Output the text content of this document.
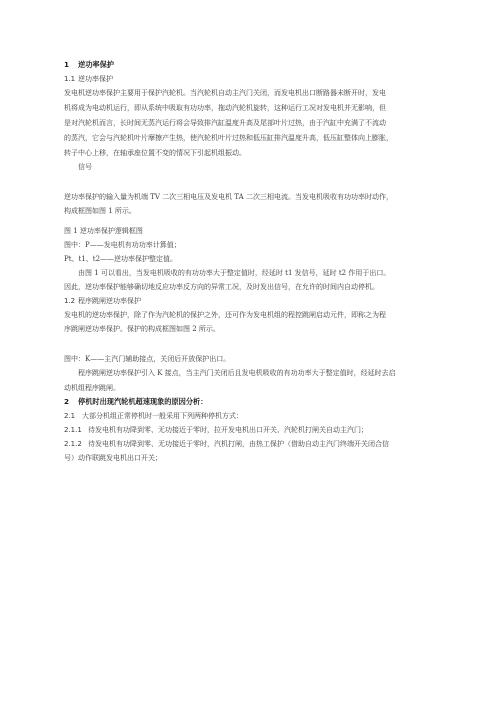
1 逆功率保护
1.1 逆功率保护
发电机逆功率保护主要用于保护汽轮机。当汽轮机自动主汽门关闭，而发电机出口断路器未断开时，发电
机将成为电动机运行，即从系统中吸取有功功率，拖动汽轮机旋转，这种运行工况对发电机并无影响，但
是对汽轮机而言，长时间无蒸汽运行将会导致排汽缸温度升高及尾部叶片过热，由于汽缸中充满了不流动
的蒸汽，它会与汽轮机叶片摩擦产生热，使汽轮机叶片过热和低压缸排汽温度升高，低压缸整体向上膨胀，
转子中心上移，在轴承座位置不变的情况下引起机组振动。
信号
逆功率保护的输入量为机端 TV 二次三相电压及发电机 TA 二次三相电流。当发电机吸收有功功率时动作，
构成框图如图 1 所示。
图 1 逆功率保护逻辑框图
图中：P——发电机有功功率计算值；
Pt、t1、t2——逆功率保护整定值。
由图 1 可以看出，当发电机吸收的有功功率大于整定值时，经延时 t1 发信号，延时 t2 作用于出口。
因此，逆功率保护能够确切地反应功率反方向的异常工况，及时发出信号，在允许的时间内自动停机。
1.2 程序跳闸逆功率保护
发电机的逆功率保护，除了作为汽轮机的保护之外，还可作为发电机组的程控跳闸启动元件，即称之为程
序跳闸逆功率保护。保护的构成框图如图 2 所示。
图中：K——主汽门辅助接点，关闭后开放保护出口。
程序跳闸逆功率保护引入 K 接点，当主汽门关闭后且发电机吸收的有功功率大于整定值时，经延时去启
动机组程序跳闸。
2 停机时出现汽轮机超速现象的原因分析：
2.1 大部分机组正常停机时一般采用下列两种停机方式：
2.1.1 待发电机有功降到零、无功接近于零时，拉开发电机出口开关、汽轮机打闸关自动主汽门；
2.1.2 待发电机有功降到零、无功接近于零时，汽机打闸，由热工保护（借助自动主汽门终端开关闭合信
号）动作联跳发电机出口开关；
